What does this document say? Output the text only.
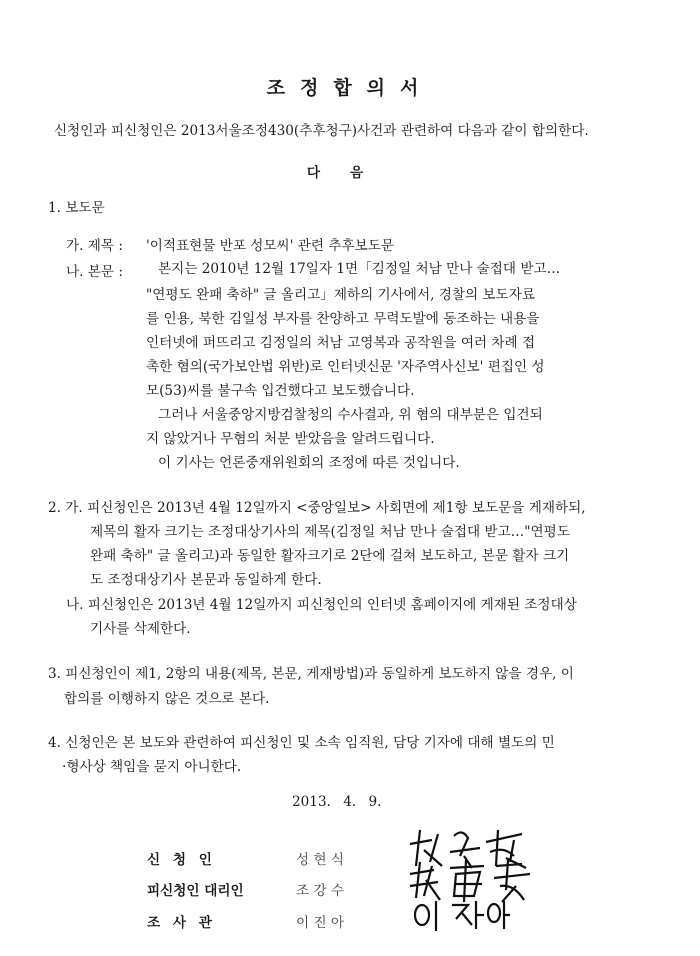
조정합의서
신청인과 피신청인은 2013서울조정430(추후청구)사건과 관련하여 다음과 같이 합의한다.
다음
1. 보도문
가. 제목 : '이적표현물 반포 성모씨' 관련 추후보도문
나. 본문 :	본지는 2010년 12월 17일자 1면「김정일 처남 만나 술접대 받고…
"연평도 완패 축하" 글 올리고」제하의 기사에서, 경찰의 보도자료
를 인용, 북한 김일성 부자를 찬양하고 무력도발에 동조하는 내용을
인터넷에 퍼뜨리고 김정일의 처남 고영복과 공작원을 여러 차례 접
촉한 혐의(국가보안법 위반)로 인터넷신문 '자주역사신보' 편집인 성
모(53)씨를 불구속 입건했다고 보도했습니다.
그러나 서울중앙지방검찰청의 수사결과, 위 혐의 대부분은 입건되
지 않았거나 무혐의 처분 받았음을 알려드립니다.
이 기사는 언론중재위원회의 조정에 따른 것입니다.
2. 가. 피신청인은 2013년 4월 12일까지 <중앙일보> 사회면에 제1항 보도문을 게재하되,
제목의 활자 크기는 조정대상기사의 제목(김정일 처남 만나 술접대 받고…"연평도
완패 축하" 글 올리고)과 동일한 활자크기로 2단에 걸쳐 보도하고, 본문 활자 크기
도 조정대상기사 본문과 동일하게 한다.
나. 피신청인은 2013년 4월 12일까지 피신청인의 인터넷 홈페이지에 게재된 조정대상
기사를 삭제한다.
3. 피신청인이 제1, 2항의 내용(제목, 본문, 게재방법)과 동일하게 보도하지 않을 경우, 이
합의를 이행하지 않은 것으로 본다.
4. 신청인은 본 보도와 관련하여 피신청인 및 소속 임직원, 담당 기자에 대해 별도의 민
·형사상 책임을 묻지 아니한다.
2013. 4. 9.
신 청 인	성 현 식
피신청인 대리인	조 강 수
조 사 관	이 진 아
